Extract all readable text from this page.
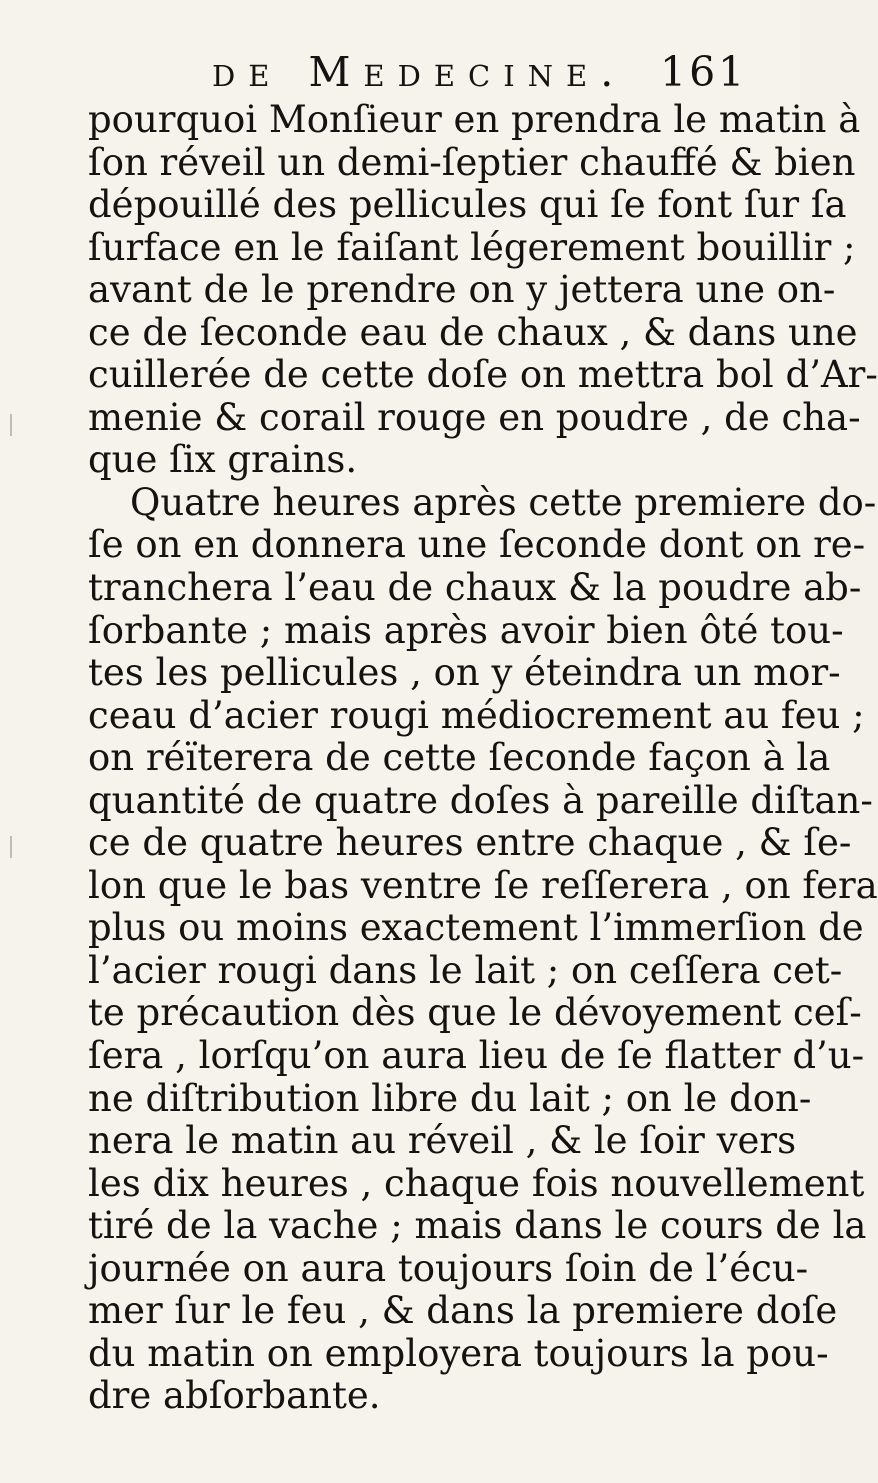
de Medecine. 161
pourquoi Monſieur en prendra le matin à
ſon réveil un demi-ſeptier chauffé & bien
dépouillé des pellicules qui ſe font ſur ſa
ſurface en le faiſant légerement bouillir ;
avant de le prendre on y jettera une on-
ce de ſeconde eau de chaux , & dans une
cuillerée de cette doſe on mettra bol d’Ar-
menie & corail rouge en poudre , de cha-
que ſix grains.
Quatre heures après cette premiere do-
ſe on en donnera une ſeconde dont on re-
tranchera l’eau de chaux & la poudre ab-
ſorbante ; mais après avoir bien ôté tou-
tes les pellicules , on y éteindra un mor-
ceau d’acier rougi médiocrement au feu ;
on réïterera de cette ſeconde façon à la
quantité de quatre doſes à pareille diſtan-
ce de quatre heures entre chaque , & ſe-
lon que le bas ventre ſe reſſerera , on fera
plus ou moins exactement l’immerſion de
l’acier rougi dans le lait ; on ceſſera cet-
te précaution dès que le dévoyement ceſ-
ſera , lorſqu’on aura lieu de ſe flatter d’u-
ne diſtribution libre du lait ; on le don-
nera le matin au réveil , & le ſoir vers
les dix heures , chaque fois nouvellement
tiré de la vache ; mais dans le cours de la
journée on aura toujours ſoin de l’écu-
mer ſur le feu , & dans la premiere doſe
du matin on employera toujours la pou-
dre abſorbante.
